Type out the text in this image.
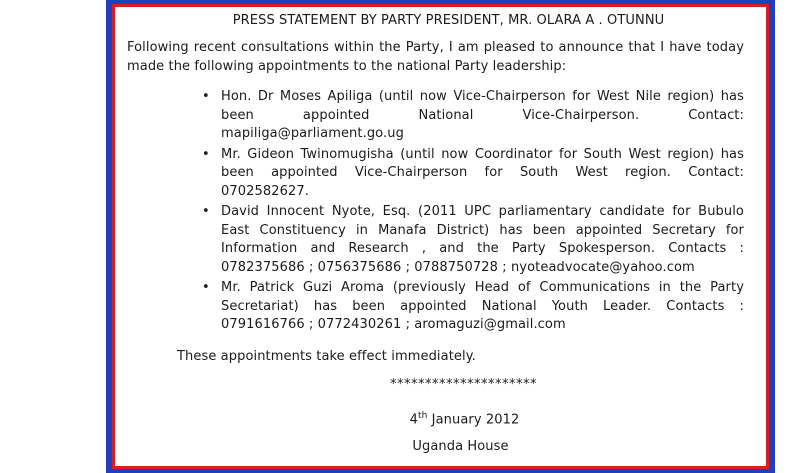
PRESS STATEMENT BY PARTY PRESIDENT, MR. OLARA A . OTUNNU

Following recent consultations within the Party, I am pleased to announce that I have today made the following appointments to the national Party leadership:

• Hon. Dr Moses Apiliga (until now Vice-Chairperson for West Nile region) has been appointed National Vice-Chairperson. Contact: mapiliga@parliament.go.ug
• Mr. Gideon Twinomugisha (until now Coordinator for South West region) has been appointed Vice-Chairperson for South West region. Contact: 0702582627.
• David Innocent Nyote, Esq. (2011 UPC parliamentary candidate for Bubulo East Constituency in Manafa District) has been appointed Secretary for Information and Research , and the Party Spokesperson. Contacts : 0782375686 ; 0756375686 ; 0788750728 ; nyoteadvocate@yahoo.com
• Mr. Patrick Guzi Aroma (previously Head of Communications in the Party Secretariat) has been appointed National Youth Leader. Contacts : 0791616766 ; 0772430261 ; aromaguzi@gmail.com

These appointments take effect immediately.

*********************

4th January 2012

Uganda House
